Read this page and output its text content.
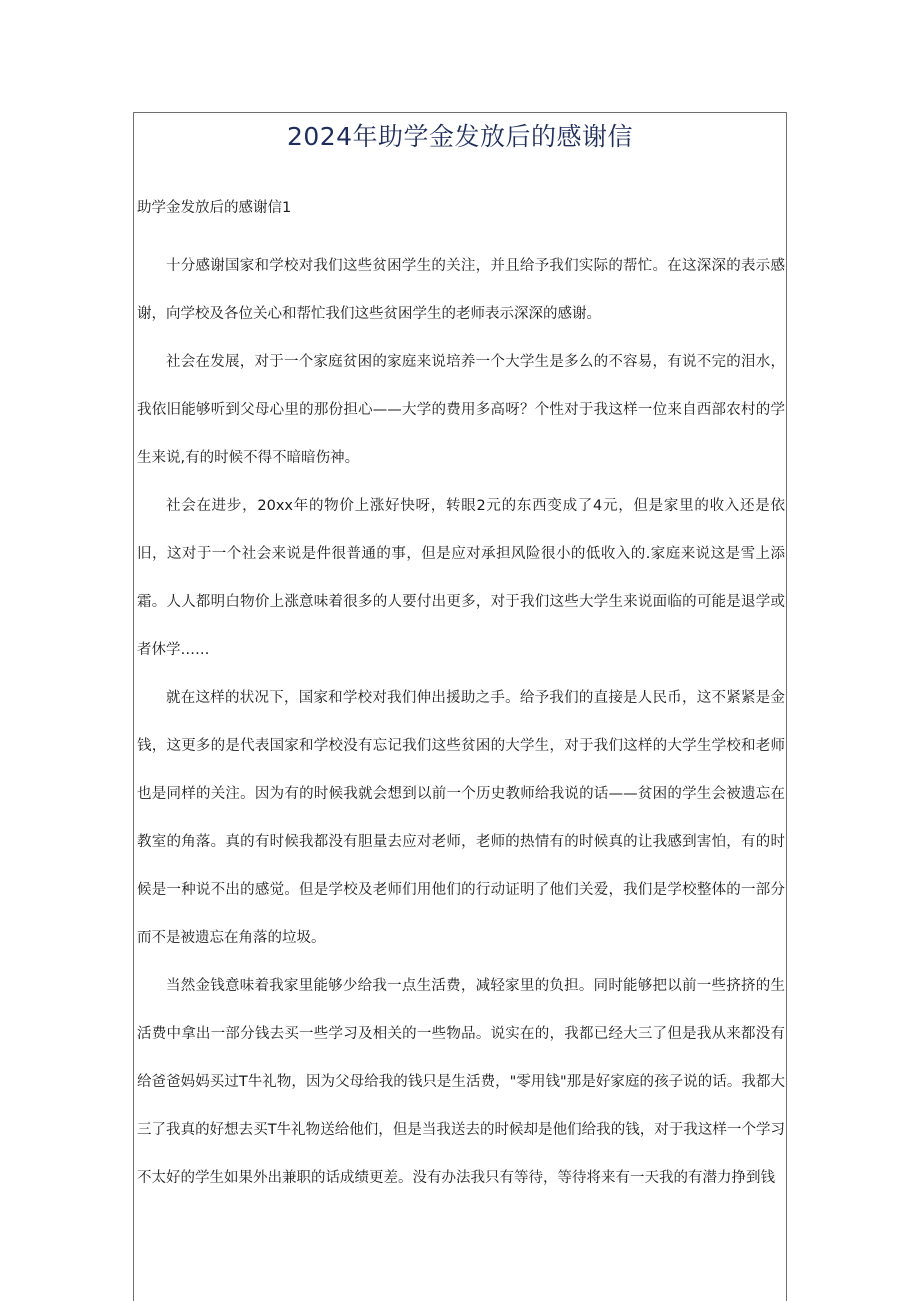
2024年助学金发放后的感谢信
助学金发放后的感谢信1

十分感谢国家和学校对我们这些贫困学生的关注，并且给予我们实际的帮忙。在这深深的表示感谢，向学校及各位关心和帮忙我们这些贫困学生的老师表示深深的感谢。

社会在发展，对于一个家庭贫困的家庭来说培养一个大学生是多么的不容易，有说不完的泪水，我依旧能够听到父母心里的那份担心——大学的费用多高呀？个性对于我这样一位来自西部农村的学生来说,有的时候不得不暗暗伤神。

社会在进步，20xx年的物价上涨好快呀，转眼2元的东西变成了4元，但是家里的收入还是依旧，这对于一个社会来说是件很普通的事，但是应对承担风险很小的低收入的.家庭来说这是雪上添霜。人人都明白物价上涨意味着很多的人要付出更多，对于我们这些大学生来说面临的可能是退学或者休学……

就在这样的状况下，国家和学校对我们伸出援助之手。给予我们的直接是人民币，这不紧紧是金钱，这更多的是代表国家和学校没有忘记我们这些贫困的大学生，对于我们这样的大学生学校和老师也是同样的关注。因为有的时候我就会想到以前一个历史教师给我说的话——贫困的学生会被遗忘在教室的角落。真的有时候我都没有胆量去应对老师，老师的热情有的时候真的让我感到害怕，有的时候是一种说不出的感觉。但是学校及老师们用他们的行动证明了他们关爱，我们是学校整体的一部分而不是被遗忘在角落的垃圾。

当然金钱意味着我家里能够少给我一点生活费，减轻家里的负担。同时能够把以前一些挤挤的生活费中拿出一部分钱去买一些学习及相关的一些物品。说实在的，我都已经大三了但是我从来都没有给爸爸妈妈买过T牛礼物，因为父母给我的钱只是生活费，"零用钱"那是好家庭的孩子说的话。我都大三了我真的好想去买T牛礼物送给他们，但是当我送去的时候却是他们给我的钱，对于我这样一个学习不太好的学生如果外出兼职的话成绩更差。没有办法我只有等待，等待将来有一天我的有潜力挣到钱
